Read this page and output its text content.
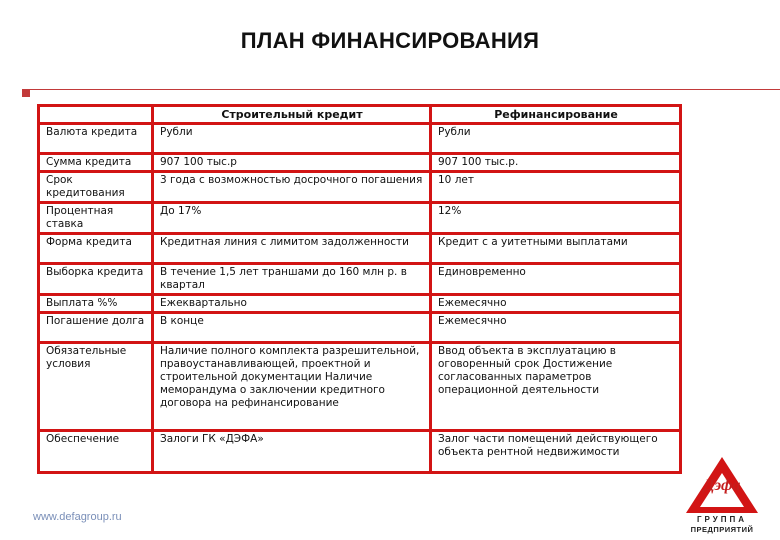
ПЛАН ФИНАНСИРОВАНИЯ
	Строительный кредит	Рефинансирование
Валюта кредита	Рубли	Рубли
Сумма кредита	907 100 тыс.р	907 100 тыс.р.
Срок кредитования	3 года с возможностью досрочного погашения	10 лет
Процентная ставка	До 17%	12%
Форма кредита	Кредитная линия с лимитом задолженности	Кредит с а уитетными выплатами
Выборка кредита	В течение 1,5 лет траншами до 160 млн р. в квартал	Единовременно
Выплата %%	Ежеквартально	Ежемесячно
Погашение долга	В конце	Ежемесячно
Обязательные условия	Наличие полного комплекта разрешительной, правоустанавливающей, проектной и строительной документации Наличие меморандума о заключении кредитного договора на рефинансирование	Ввод объекта в эксплуатацию в оговоренный срок Достижение согласованных параметров операционной деятельности
Обеспечение	Залоги ГК «ДЭФА»	Залог части помещений действующего объекта рентной недвижимости
www.defagroup.ru
Дэфа
ГРУППА
ПРЕДПРИЯТИЙ
